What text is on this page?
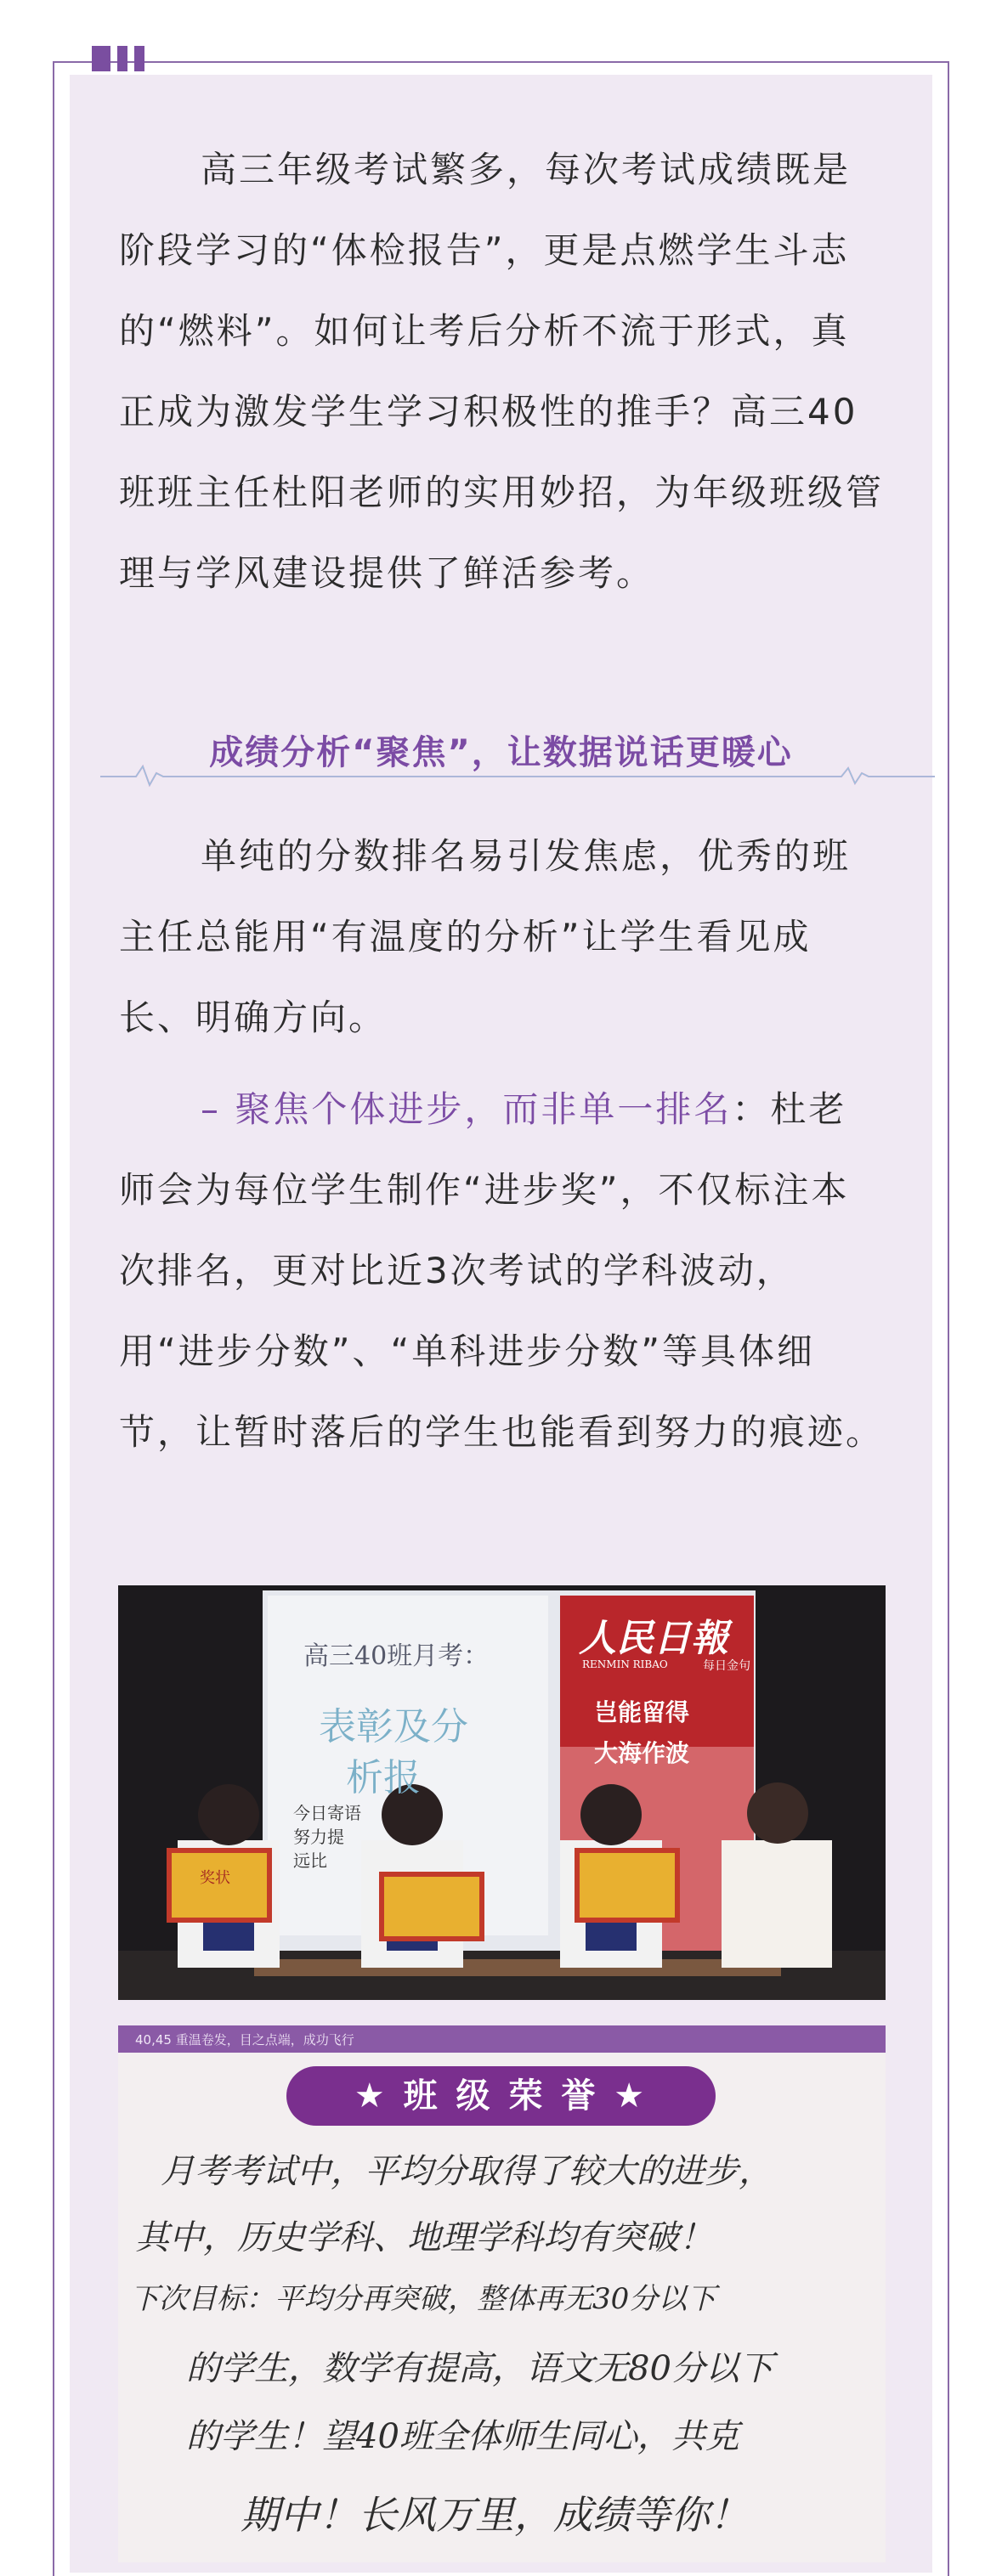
高三年级考试繁多，每次考试成绩既是阶段学习的“体检报告”，更是点燃学生斗志的“燃料”。如何让考后分析不流于形式，真正成为激发学生学习积极性的推手？高三40班班主任杜阳老师的实用妙招，为年级班级管理与学风建设提供了鲜活参考。

成绩分析“聚焦”，让数据说话更暖心

单纯的分数排名易引发焦虑，优秀的班主任总能用“有温度的分析”让学生看见成长、明确方向。

– 聚焦个体进步，而非单一排名：杜老师会为每位学生制作“进步奖”，不仅标注本次排名，更对比近3次考试的学科波动，用“进步分数”、“单科进步分数”等具体细节，让暂时落后的学生也能看到努力的痕迹。

高三40班月考：
表彰及分
析报
今日寄语
努力提
远比
人民日報
RENMIN RIBAO	每日金句
岂能留得
大海作波
奖状
40,45 重温卷发，目之点端，成功飞行
★ 班 级 荣 誉 ★
月考考试中，平均分取得了较大的进步，
其中，历史学科、地理学科均有突破！
下次目标：平均分再突破，整体再无30分以下
的学生，数学有提高，语文无80分以下
的学生！望40班全体师生同心，共克
期中！长风万里，成绩等你！
